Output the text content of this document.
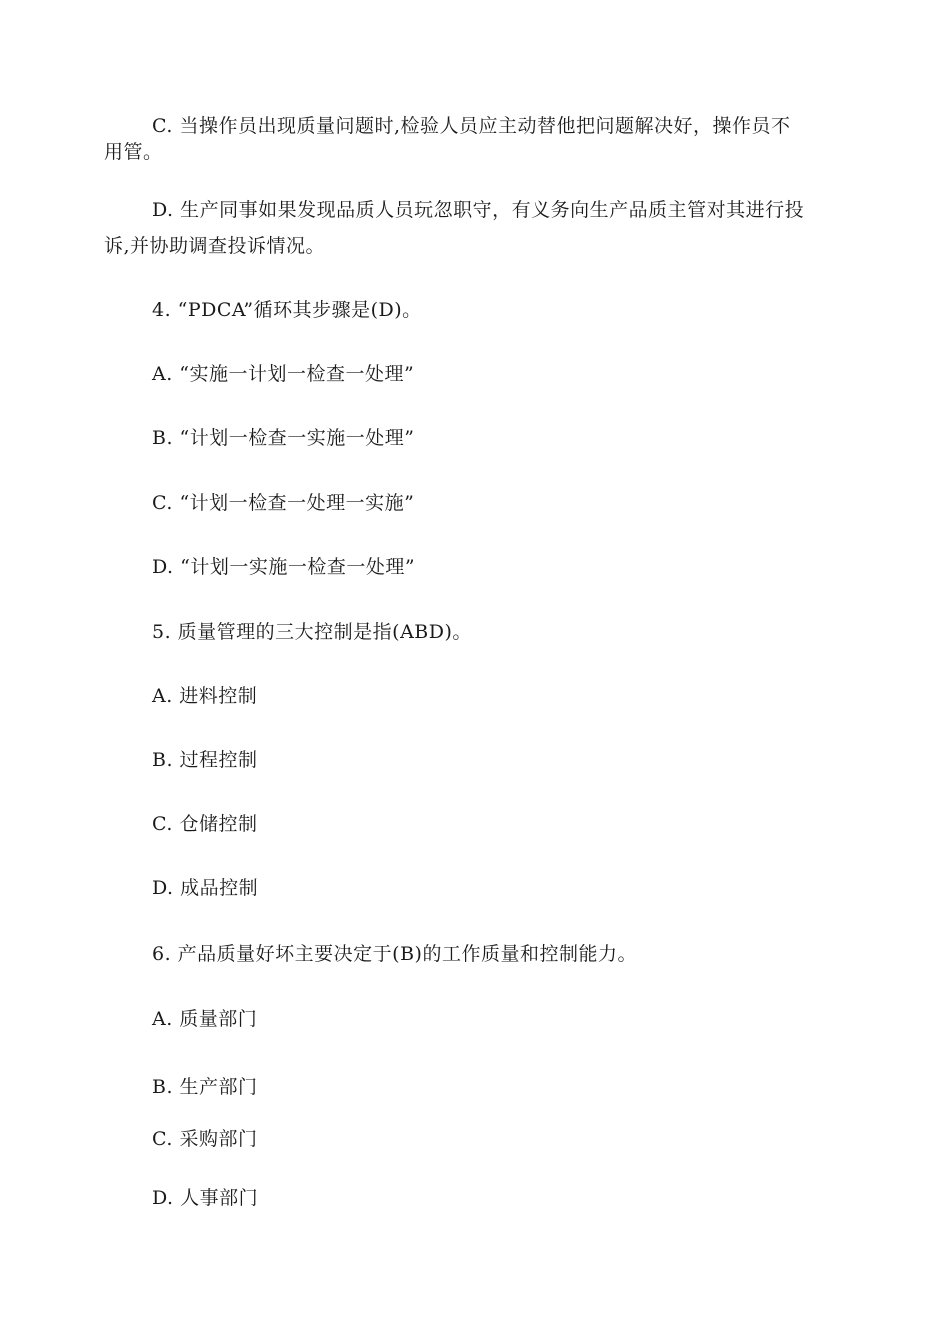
C. 当操作员出现质量问题时,检验人员应主动替他把问题解决好，操作员不
用管。
D. 生产同事如果发现品质人员玩忽职守，有义务向生产品质主管对其进行投
诉,并协助调查投诉情况。
4. “PDCA”循环其步骤是(D)。
A. “实施一计划一检查一处理”
B. “计划一检查一实施一处理”
C. “计划一检查一处理一实施”
D. “计划一实施一检查一处理”
5. 质量管理的三大控制是指(ABD)。
A. 进料控制
B. 过程控制
C. 仓储控制
D. 成品控制
6. 产品质量好坏主要决定于(B)的工作质量和控制能力。
A. 质量部门
B. 生产部门
C. 采购部门
D. 人事部门
